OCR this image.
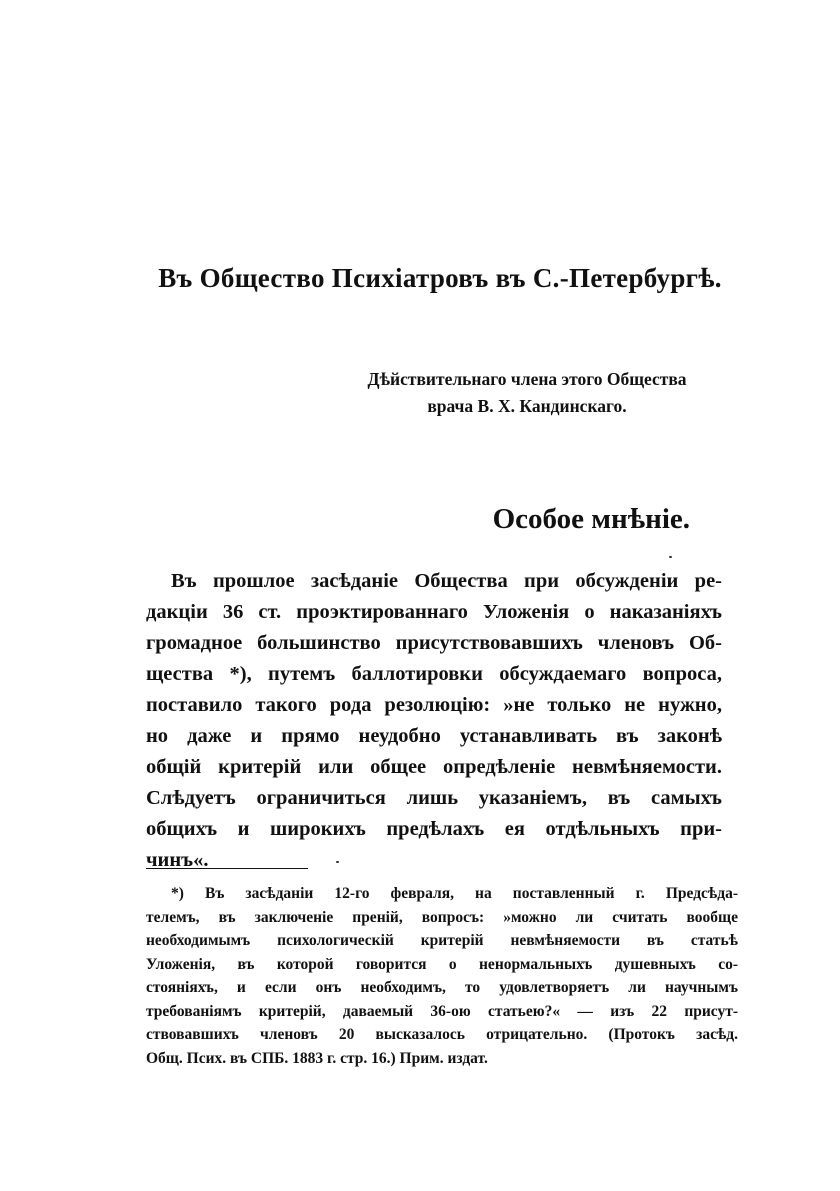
Въ Общество Психіатровъ въ С.-Петербургѣ.
Дѣйствительнаго члена этого Общества
врача В. Х. Кандинскаго.
Особое мнѣніе.
Въ прошлое засѣданіе Общества при обсужденіи ре-
дакціи 36 ст. проэктированнаго Уложенія о наказаніяхъ
громадное большинство присутствовавшихъ членовъ Об-
щества *), путемъ баллотировки обсуждаемаго вопроса,
поставило такого рода резолюцію: »не только не нужно,
но даже и прямо неудобно устанавливать въ законѣ
общій критерій или общее опредѣленіе невмѣняемости.
Слѣдуетъ ограничиться лишь указаніемъ, въ самыхъ
общихъ и широкихъ предѣлахъ ея отдѣльныхъ при-
чинъ«.
*) Въ засѣданіи 12-го февраля, на поставленный г. Предсѣда-
телемъ, въ заключеніе преній, вопросъ: »можно ли считать вообще
необходимымъ психологическій критерій невмѣняемости въ статьѣ
Уложенія, въ которой говорится о ненормальныхъ душевныхъ со-
стояніяхъ, и если онъ необходимъ, то удовлетворяетъ ли научнымъ
требованіямъ критерій, даваемый 36-ою статьею?« — изъ 22 присут-
ствовавшихъ членовъ 20 высказалось отрицательно. (Протокъ засѣд.
Общ. Псих. въ СПБ. 1883 г. стр. 16.) Прим. издат.
